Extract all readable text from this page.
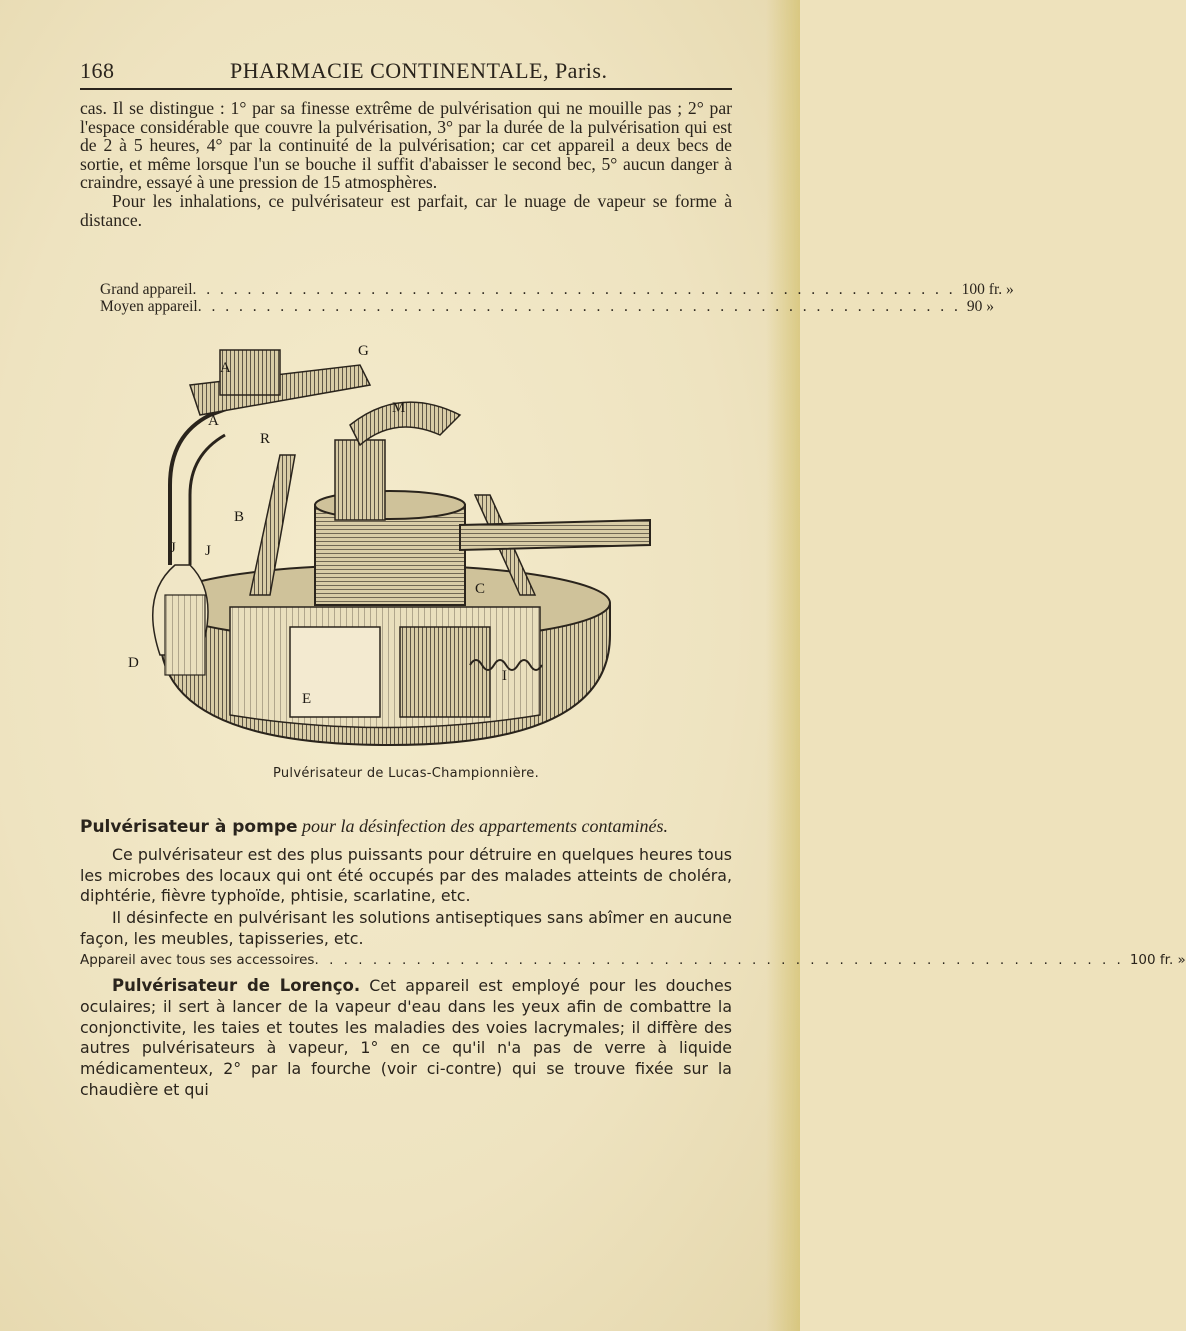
168	PHARMACIE CONTINENTALE, Paris.

cas. Il se distingue : 1° par sa finesse extrême de pulvérisation qui ne mouille pas ; 2° par l'espace considérable que couvre la pulvérisation, 3° par la durée de la pulvérisation qui est de 2 à 5 heures, 4° par la continuité de la pulvérisation; car cet appareil a deux becs de sortie, et même lorsque l'un se bouche il suffit d'abaisser le second bec, 5° aucun danger à craindre, essayé à une pression de 15 atmosphères.

Pour les inhalations, ce pulvérisateur est parfait, car le nuage de vapeur se forme à distance.

Grand appareil . . .	100 fr. »
Moyen appareil . . .	90 »
A
A
G
M
R
B
J J
D
C
I
E
Pulvérisateur de Lucas-Championnière.
Pulvérisateur à pompe pour la désinfection des appartements contaminés.

Ce pulvérisateur est des plus puissants pour détruire en quelques heures tous les microbes des locaux qui ont été occupés par des malades atteints de choléra, diphtérie, fièvre typhoïde, phtisie, scarlatine, etc.

Il désinfecte en pulvérisant les solutions antiseptiques sans abîmer en aucune façon, les meubles, tapisseries, etc.

Appareil avec tous ses accessoires . . .	100 fr. »

Pulvérisateur de Lorenço. Cet appareil est employé pour les douches oculaires; il sert à lancer de la vapeur d'eau dans les yeux afin de combattre la conjonctivite, les taies et toutes les maladies des voies lacrymales; il diffère des autres pulvérisateurs à vapeur, 1° en ce qu'il n'a pas de verre à liquide médicamenteux, 2° par la fourche (voir ci-contre) qui se trouve fixée sur la chaudière et qui
